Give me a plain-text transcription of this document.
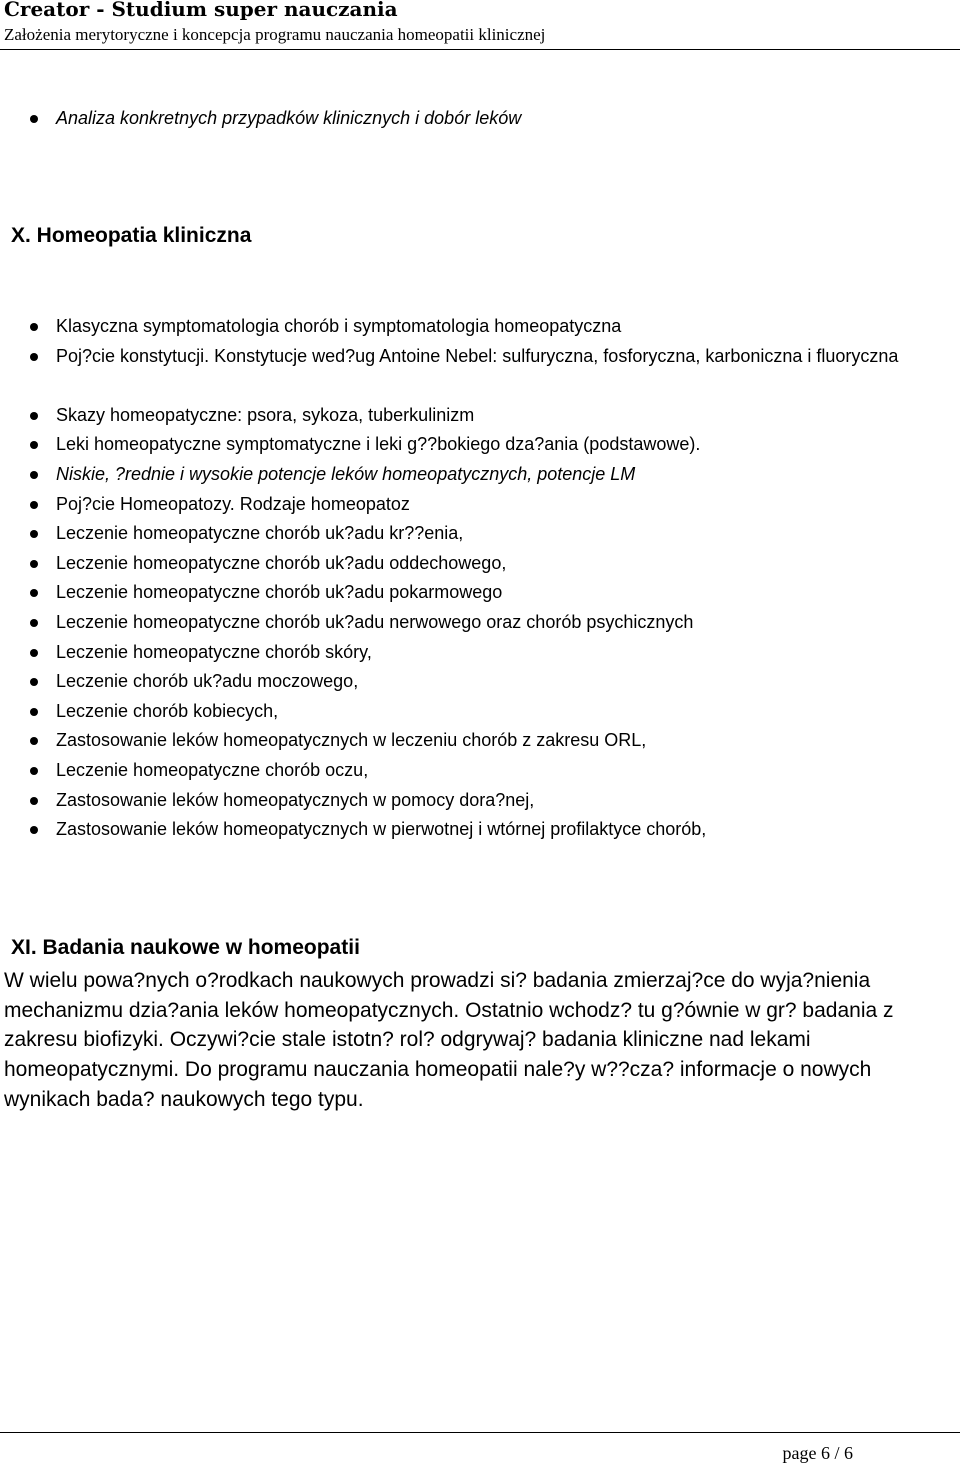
Creator - Studium super nauczania
Założenia merytoryczne i koncepcja programu nauczania homeopatii klinicznej
Analiza konkretnych przypadków klinicznych i dobór leków
X. Homeopatia kliniczna
Klasyczna symptomatologia chorób i symptomatologia homeopatyczna
Poj?cie konstytucji. Konstytucje wed?ug Antoine Nebel: sulfuryczna, fosforyczna, karboniczna i fluoryczna
Skazy homeopatyczne: psora, sykoza, tuberkulinizm
Leki homeopatyczne symptomatyczne i leki g??bokiego dza?ania (podstawowe).
Niskie, ?rednie i wysokie potencje leków homeopatycznych, potencje LM
Poj?cie Homeopatozy. Rodzaje homeopatoz
Leczenie homeopatyczne chorób uk?adu kr??enia,
Leczenie homeopatyczne chorób uk?adu oddechowego,
Leczenie homeopatyczne chorób uk?adu pokarmowego
Leczenie homeopatyczne chorób uk?adu nerwowego oraz chorób psychicznych
Leczenie homeopatyczne chorób skóry,
Leczenie chorób uk?adu moczowego,
Leczenie chorób kobiecych,
Zastosowanie leków homeopatycznych w leczeniu chorób z zakresu ORL,
Leczenie homeopatyczne chorób oczu,
Zastosowanie leków homeopatycznych w pomocy dora?nej,
Zastosowanie leków homeopatycznych w pierwotnej i wtórnej profilaktyce chorób,
XI. Badania naukowe w homeopatii

W wielu powa?nych o?rodkach naukowych prowadzi si? badania zmierzaj?ce do wyja?nienia mechanizmu dzia?ania leków homeopatycznych. Ostatnio wchodz? tu g?ównie w gr? badania z zakresu biofizyki. Oczywi?cie stale istotn? rol? odgrywaj? badania kliniczne nad lekami homeopatycznymi. Do programu nauczania homeopatii nale?y w??cza? informacje o nowych wynikach bada? naukowych tego typu.

page 6 / 6
